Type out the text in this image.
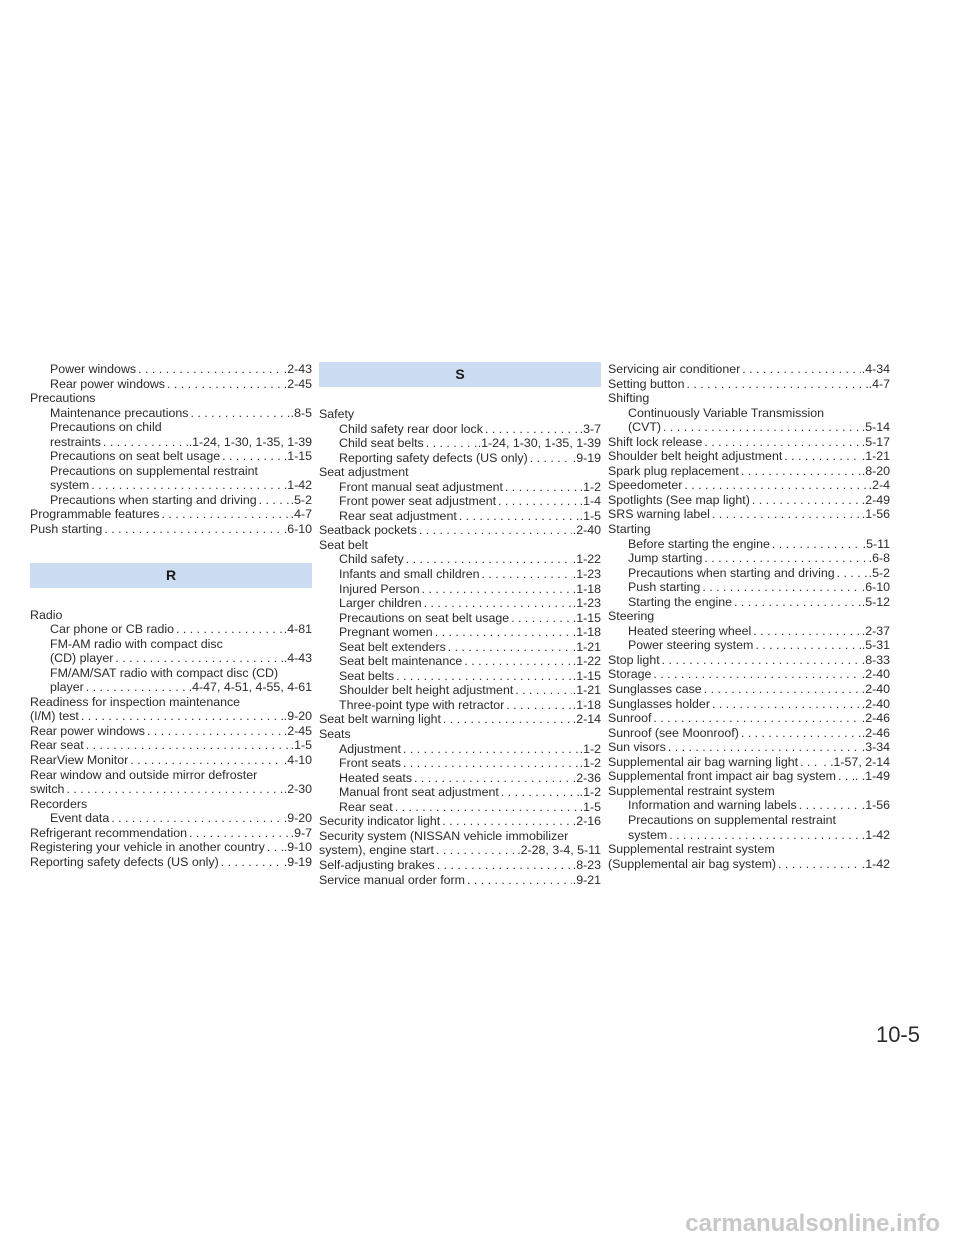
Power windows . . .	.2-43
Rear power windows . . .	.2-45
Precautions
Maintenance precautions . . .	.8-5
Precautions on child
restraints . . .	.1-24, 1-30, 1-35, 1-39
Precautions on seat belt usage . . .	.1-15
Precautions on supplemental restraint
system . . .	.1-42
Precautions when starting and driving . . .	.5-2
Programmable features . . .	.4-7
Push starting . . .	.6-10
R
Radio
Car phone or CB radio . . .	.4-81
FM-AM radio with compact disc
(CD) player . . .	.4-43
FM/AM/SAT radio with compact disc (CD)
player . . .	.4-47, 4-51, 4-55, 4-61
Readiness for inspection maintenance
(I/M) test . . .	.9-20
Rear power windows . . .	.2-45
Rear seat . . .	.1-5
RearView Monitor . . .	.4-10
Rear window and outside mirror defroster
switch . . .	.2-30
Recorders
Event data . . .	.9-20
Refrigerant recommendation . . .	.9-7
Registering your vehicle in another country . . . .9-10
Reporting safety defects (US only) . . .	.9-19
S
Safety
Child safety rear door lock . . .	.3-7
Child seat belts . . .	.1-24, 1-30, 1-35, 1-39
Reporting safety defects (US only) . . .	.9-19
Seat adjustment
Front manual seat adjustment . . .	.1-2
Front power seat adjustment . . .	.1-4
Rear seat adjustment . . .	.1-5
Seatback pockets . . .	.2-40
Seat belt
Child safety . . .	.1-22
Infants and small children . . .	.1-23
Injured Person . . .	.1-18
Larger children . . .	.1-23
Precautions on seat belt usage . . .	.1-15
Pregnant women . . .	.1-18
Seat belt extenders . . .	.1-21
Seat belt maintenance . . .	.1-22
Seat belts . . .	.1-15
Shoulder belt height adjustment . . .	.1-21
Three-point type with retractor . . .	.1-18
Seat belt warning light . . .	.2-14
Seats
Adjustment . . .	.1-2
Front seats . . .	.1-2
Heated seats . . .	.2-36
Manual front seat adjustment . . .	.1-2
Rear seat . . .	.1-5
Security indicator light . . .	.2-16
Security system (NISSAN vehicle immobilizer
system), engine start . . .	.2-28, 3-4, 5-11
Self-adjusting brakes . . .	.8-23
Service manual order form . . .	.9-21
Servicing air conditioner . . .	.4-34
Setting button . . .	.4-7
Shifting
Continuously Variable Transmission
(CVT) . . .	.5-14
Shift lock release . . .	.5-17
Shoulder belt height adjustment . . .	.1-21
Spark plug replacement . . .	.8-20
Speedometer . . .	.2-4
Spotlights (See map light) . . .	.2-49
SRS warning label . . .	.1-56
Starting
Before starting the engine . . .	.5-11
Jump starting . . .	.6-8
Precautions when starting and driving . . .	.5-2
Push starting . . .	.6-10
Starting the engine . . .	.5-12
Steering
Heated steering wheel . . .	.2-37
Power steering system . . .	.5-31
Stop light . . .	.8-33
Storage . . .	.2-40
Sunglasses case . . .	.2-40
Sunglasses holder . . .	.2-40
Sunroof . . .	.2-46
Sunroof (see Moonroof) . . .	.2-46
Sun visors . . .	.3-34
Supplemental air bag warning light . . . . .1-57, 2-14
Supplemental front impact air bag system . . . . .1-49
Supplemental restraint system
Information and warning labels . . .	.1-56
Precautions on supplemental restraint
system . . .	.1-42
Supplemental restraint system
(Supplemental air bag system) . . .	.1-42
10-5
carmanualsonline.info
